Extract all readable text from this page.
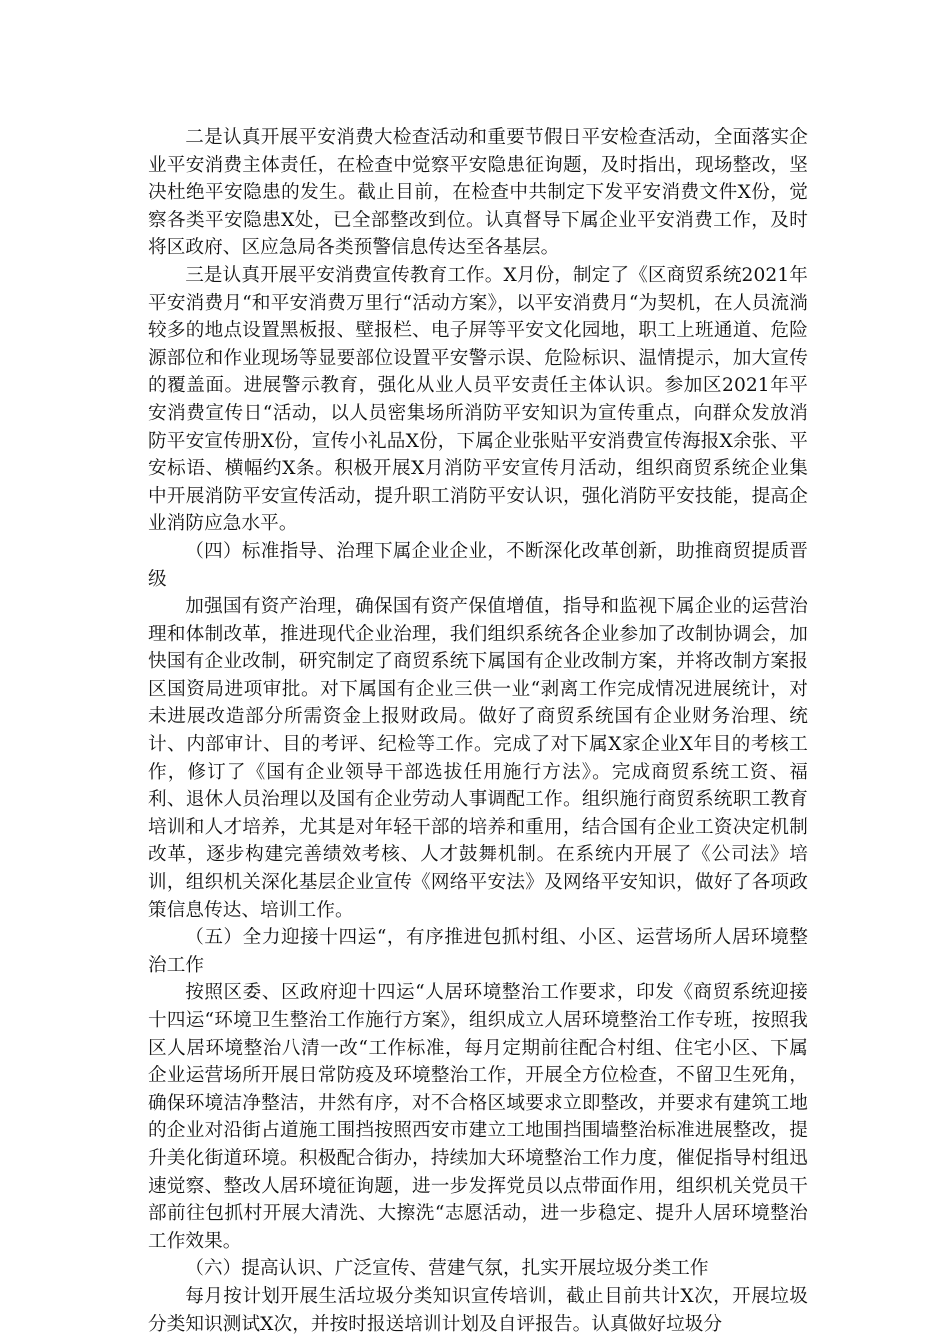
二是认真开展平安消费大检查活动和重要节假日平安检查活动，全面落实企业平安消费主体责任，在检查中觉察平安隐患征询题，及时指出，现场整改，坚决杜绝平安隐患的发生。截止目前，在检查中共制定下发平安消费文件X份，觉察各类平安隐患X处，已全部整改到位。认真督导下属企业平安消费工作，及时将区政府、区应急局各类预警信息传达至各基层。

三是认真开展平安消费宣传教育工作。X月份，制定了《区商贸系统2021年平安消费月“和平安消费万里行“活动方案》，以平安消费月“为契机，在人员流淌较多的地点设置黑板报、壁报栏、电子屏等平安文化园地，职工上班通道、危险源部位和作业现场等显要部位设置平安警示误、危险标识、温情提示，加大宣传的覆盖面。进展警示教育，强化从业人员平安责任主体认识。参加区2021年平安消费宣传日“活动，以人员密集场所消防平安知识为宣传重点，向群众发放消防平安宣传册X份，宣传小礼品X份，下属企业张贴平安消费宣传海报X余张、平安标语、横幅约X条。积极开展X月消防平安宣传月活动，组织商贸系统企业集中开展消防平安宣传活动，提升职工消防平安认识，强化消防平安技能，提高企业消防应急水平。

（四）标准指导、治理下属企业企业，不断深化改革创新，助推商贸提质晋级

加强国有资产治理，确保国有资产保值增值，指导和监视下属企业的运营治理和体制改革，推进现代企业治理，我们组织系统各企业参加了改制协调会，加快国有企业改制，研究制定了商贸系统下属国有企业改制方案，并将改制方案报区国资局进项审批。对下属国有企业三供一业“剥离工作完成情况进展统计，对未进展改造部分所需资金上报财政局。做好了商贸系统国有企业财务治理、统计、内部审计、目的考评、纪检等工作。完成了对下属X家企业X年目的考核工作，修订了《国有企业领导干部选拔任用施行方法》。完成商贸系统工资、福利、退休人员治理以及国有企业劳动人事调配工作。组织施行商贸系统职工教育培训和人才培养，尤其是对年轻干部的培养和重用，结合国有企业工资决定机制改革，逐步构建完善绩效考核、人才鼓舞机制。在系统内开展了《公司法》培训，组织机关深化基层企业宣传《网络平安法》及网络平安知识，做好了各项政策信息传达、培训工作。

（五）全力迎接十四运“，有序推进包抓村组、小区、运营场所人居环境整治工作

按照区委、区政府迎十四运“人居环境整治工作要求，印发《商贸系统迎接十四运“环境卫生整治工作施行方案》，组织成立人居环境整治工作专班，按照我区人居环境整治八清一改“工作标准，每月定期前往配合村组、住宅小区、下属企业运营场所开展日常防疫及环境整治工作，开展全方位检查，不留卫生死角，确保环境洁净整洁，井然有序，对不合格区域要求立即整改，并要求有建筑工地的企业对沿街占道施工围挡按照西安市建立工地围挡围墙整治标准进展整改，提升美化街道环境。积极配合街办，持续加大环境整治工作力度，催促指导村组迅速觉察、整改人居环境征询题，进一步发挥党员以点带面作用，组织机关党员干部前往包抓村开展大清洗、大擦洗“志愿活动，进一步稳定、提升人居环境整治工作效果。

（六）提高认识、广泛宣传、营建气氛，扎实开展垃圾分类工作

每月按计划开展生活垃圾分类知识宣传培训，截止目前共计X次，开展垃圾分类知识测试X次，并按时报送培训计划及自评报告。认真做好垃圾分
